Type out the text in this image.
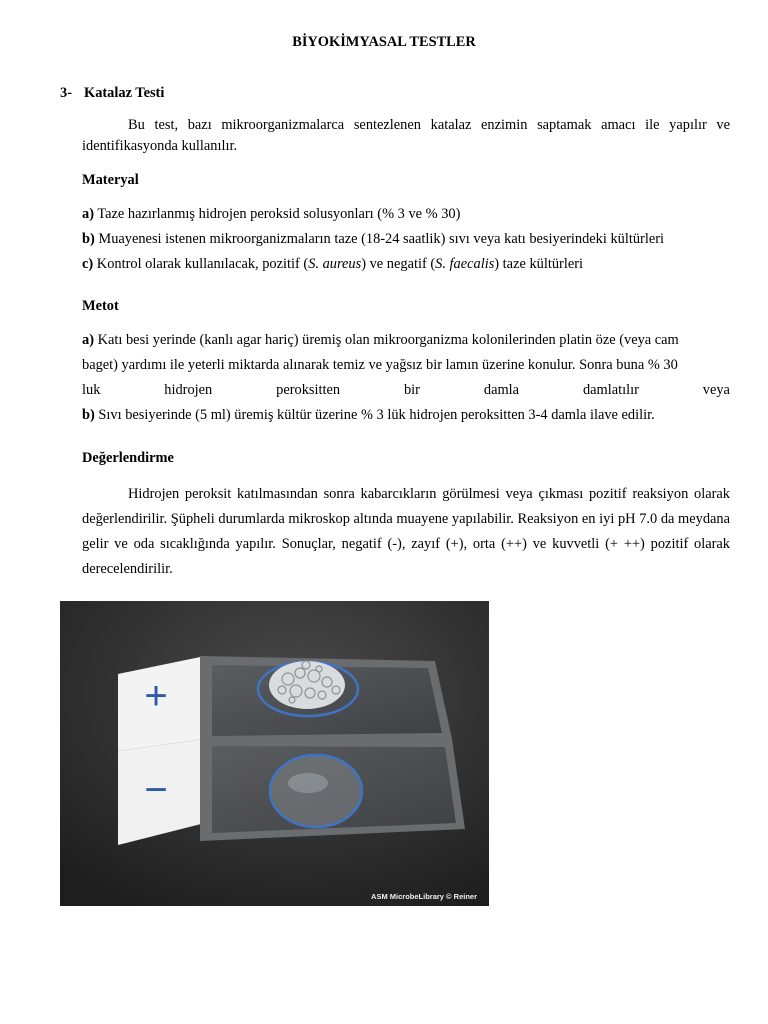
BİYOKİMYASAL TESTLER
3- Katalaz Testi
Bu test, bazı mikroorganizmalarca sentezlenen katalaz enzimin saptamak amacı ile yapılır ve identifikasyonda kullanılır.
Materyal
a) Taze hazırlanmış hidrojen peroksid solusyonları (% 3 ve % 30)
b) Muayenesi istenen mikroorganizmaların taze (18-24 saatlik) sıvı veya katı besiyerindeki kültürleri
c) Kontrol olarak kullanılacak, pozitif (S. aureus) ve negatif (S. faecalis) taze kültürleri
Metot
a) Katı besi yerinde (kanlı agar hariç) üremiş olan mikroorganizma kolonilerinden platin öze (veya cam
baget) yardımı ile yeterli miktarda alınarak temiz ve yağsız bir lamın üzerine konulur. Sonra buna % 30
luk	hidrojen	peroksitten	bir	damla	damlatılır	veya
b) Sıvı besiyerinde (5 ml) üremiş kültür üzerine % 3 lük hidrojen peroksitten 3-4 damla ilave edilir.
Değerlendirme
Hidrojen peroksit katılmasından sonra kabarcıkların görülmesi veya çıkması pozitif reaksiyon olarak değerlendirilir. Şüpheli durumlarda mikroskop altında muayene yapılabilir. Reaksiyon en iyi pH 7.0 da meydana gelir ve oda sıcaklığında yapılır. Sonuçlar, negatif (-), zayıf (+), orta (++) ve kuvvetli (+ ++) pozitif olarak derecelendirilir.
+
−
ASM MicrobeLibrary © Reiner
